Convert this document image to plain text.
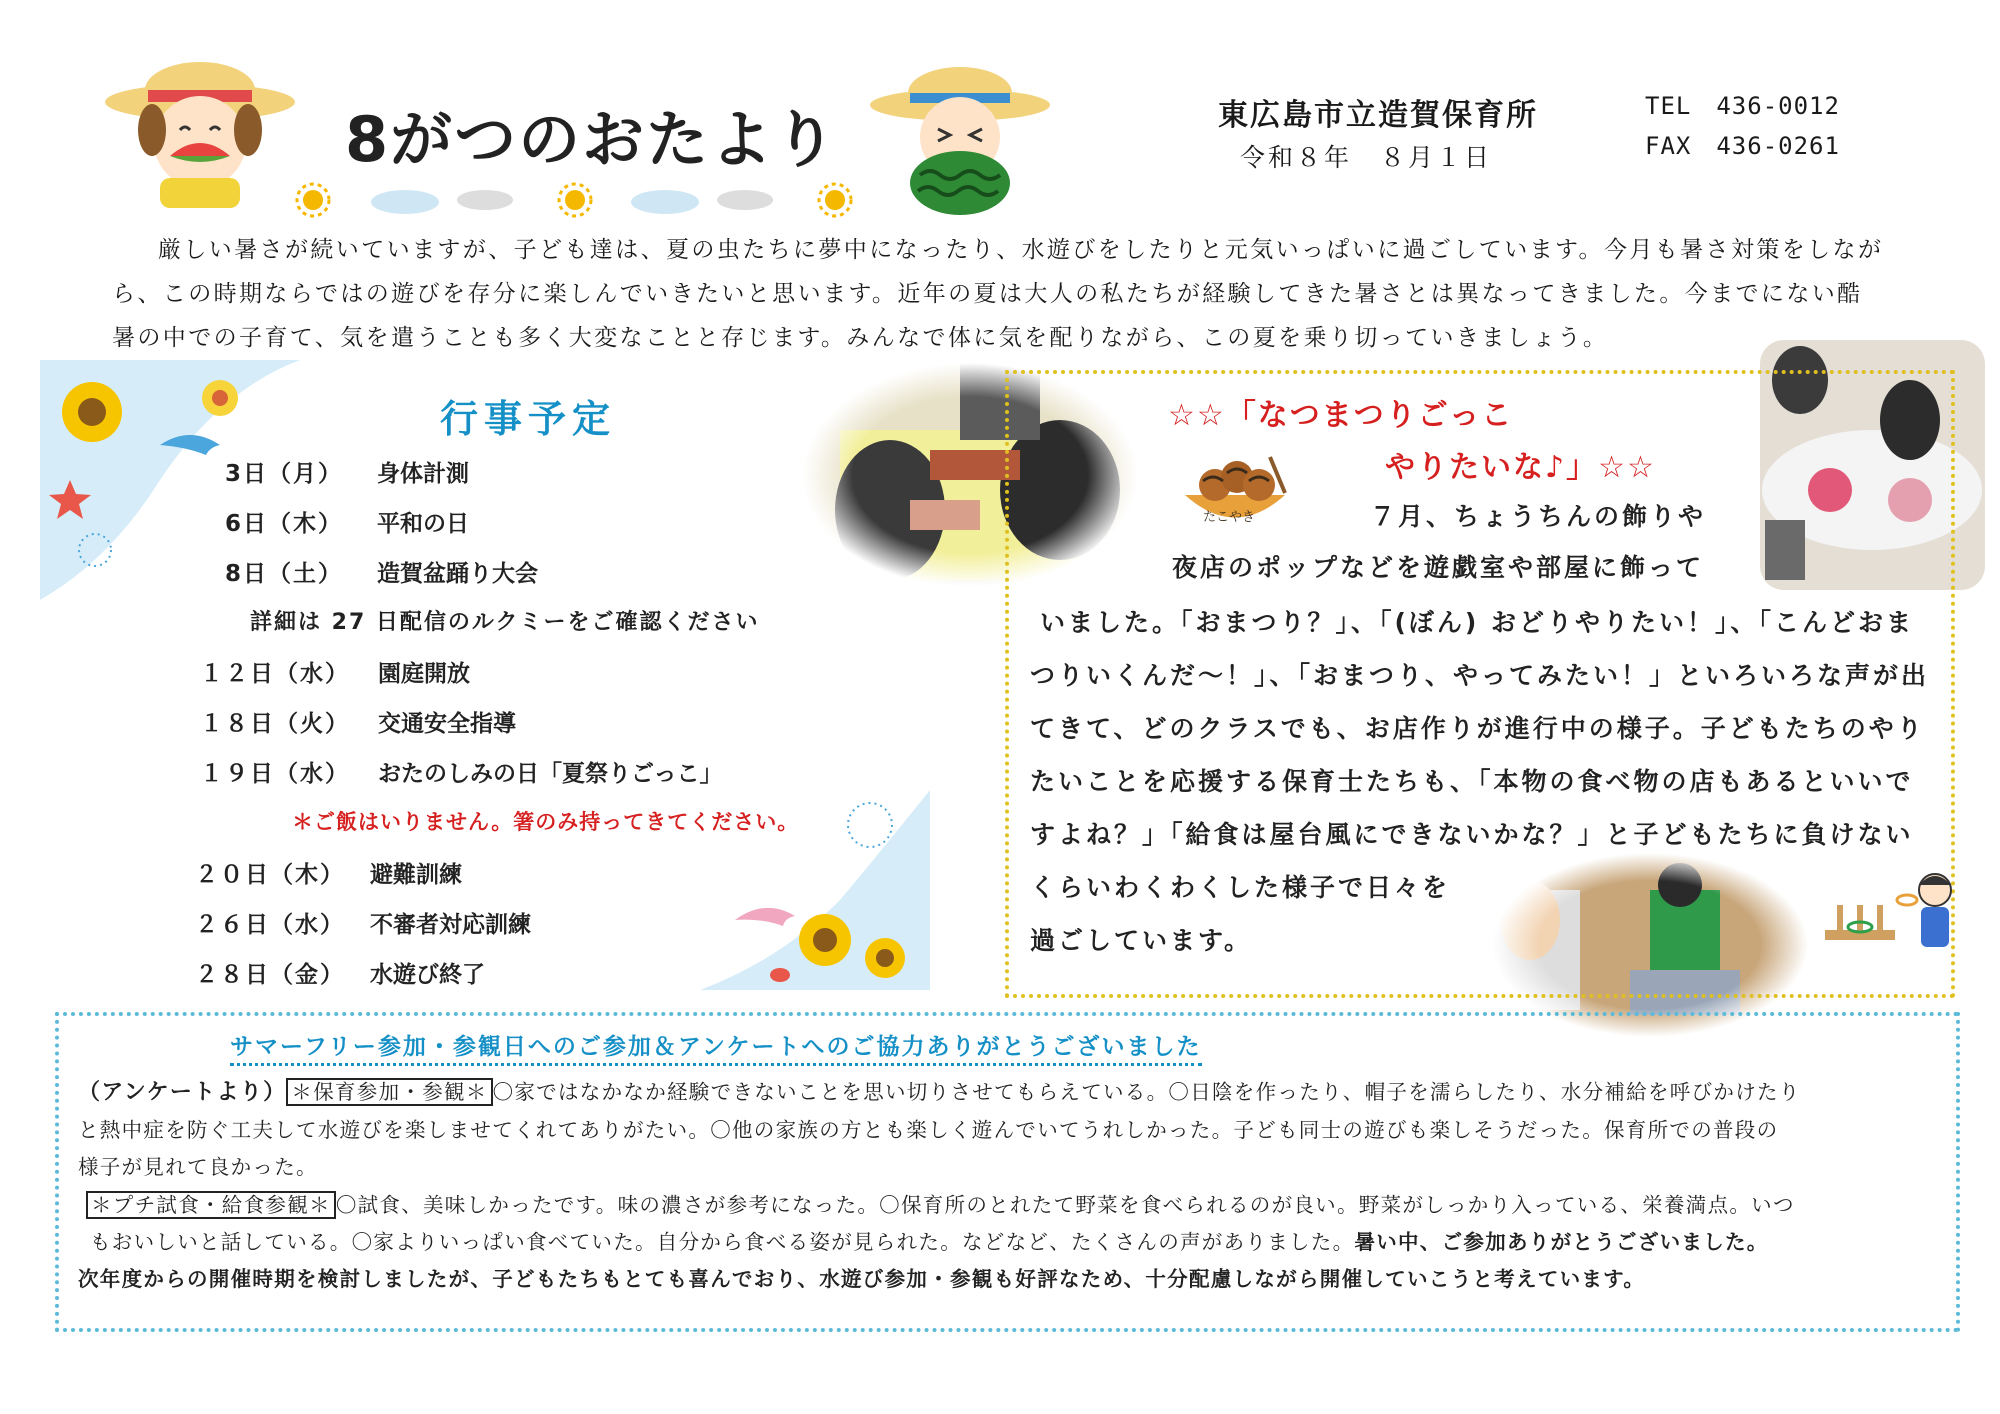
8がつのおたより	東広島市立造賀保育所
令和８年　８月１日
TEL　436-0012
FAX　436-0261
厳しい暑さが続いていますが、子ども達は、夏の虫たちに夢中になったり、水遊びをしたりと元気いっぱいに過ごしています。今月も暑さ対策をしなが
ら、この時期ならではの遊びを存分に楽しんでいきたいと思います。近年の夏は大人の私たちが経験してきた暑さとは異なってきました。今までにない酷
暑の中での子育て、気を遣うことも多く大変なことと存じます。みんなで体に気を配りながら、この夏を乗り切っていきましょう。
行事予定
3日（月） 身体計測
6日（木） 平和の日
8日（土） 造賀盆踊り大会
詳細は 27 日配信のルクミーをご確認ください
１２日（水） 園庭開放
１８日（火） 交通安全指導
１９日（水） おたのしみの日「夏祭りごっこ」
＊ご飯はいりません。箸のみ持ってきてください。
２０日（木） 避難訓練
２６日（水） 不審者対応訓練
２８日（金） 水遊び終了
☆☆「なつまつりごっこ
やりたいな♪」☆☆
たこやき	７月、ちょうちんの飾りや
夜店のポップなどを遊戯室や部屋に飾って
いました。「おまつり？」、「(ぼん) おどりやりたい！」、「こんどおま
つりいくんだ～！」、「おまつり、やってみたい！」といろいろな声が出
てきて、どのクラスでも、お店作りが進行中の様子。子どもたちのやり
たいことを応援する保育士たちも、「本物の食べ物の店もあるといいで
すよね？」「給食は屋台風にできないかな？」と子どもたちに負けない
くらいわくわくした様子で日々を
過ごしています。
サマーフリー参加・参観日へのご参加＆アンケートへのご協力ありがとうございました
（アンケートより） ＊保育参加・参観＊ 〇家ではなかなか経験できないことを思い切りさせてもらえている。〇日陰を作ったり、帽子を濡らしたり、水分補給を呼びかけたり
と熱中症を防ぐ工夫して水遊びを楽しませてくれてありがたい。〇他の家族の方とも楽しく遊んでいてうれしかった。子ども同士の遊びも楽しそうだった。保育所での普段の
様子が見れて良かった。
＊プチ試食・給食参観＊ 〇試食、美味しかったです。味の濃さが参考になった。〇保育所のとれたて野菜を食べられるのが良い。野菜がしっかり入っている、栄養満点。いつ
もおいしいと話している。〇家よりいっぱい食べていた。自分から食べる姿が見られた。などなど、たくさんの声がありました。暑い中、ご参加ありがとうございました。
次年度からの開催時期を検討しましたが、子どもたちもとても喜んでおり、水遊び参加・参観も好評なため、十分配慮しながら開催していこうと考えています。
